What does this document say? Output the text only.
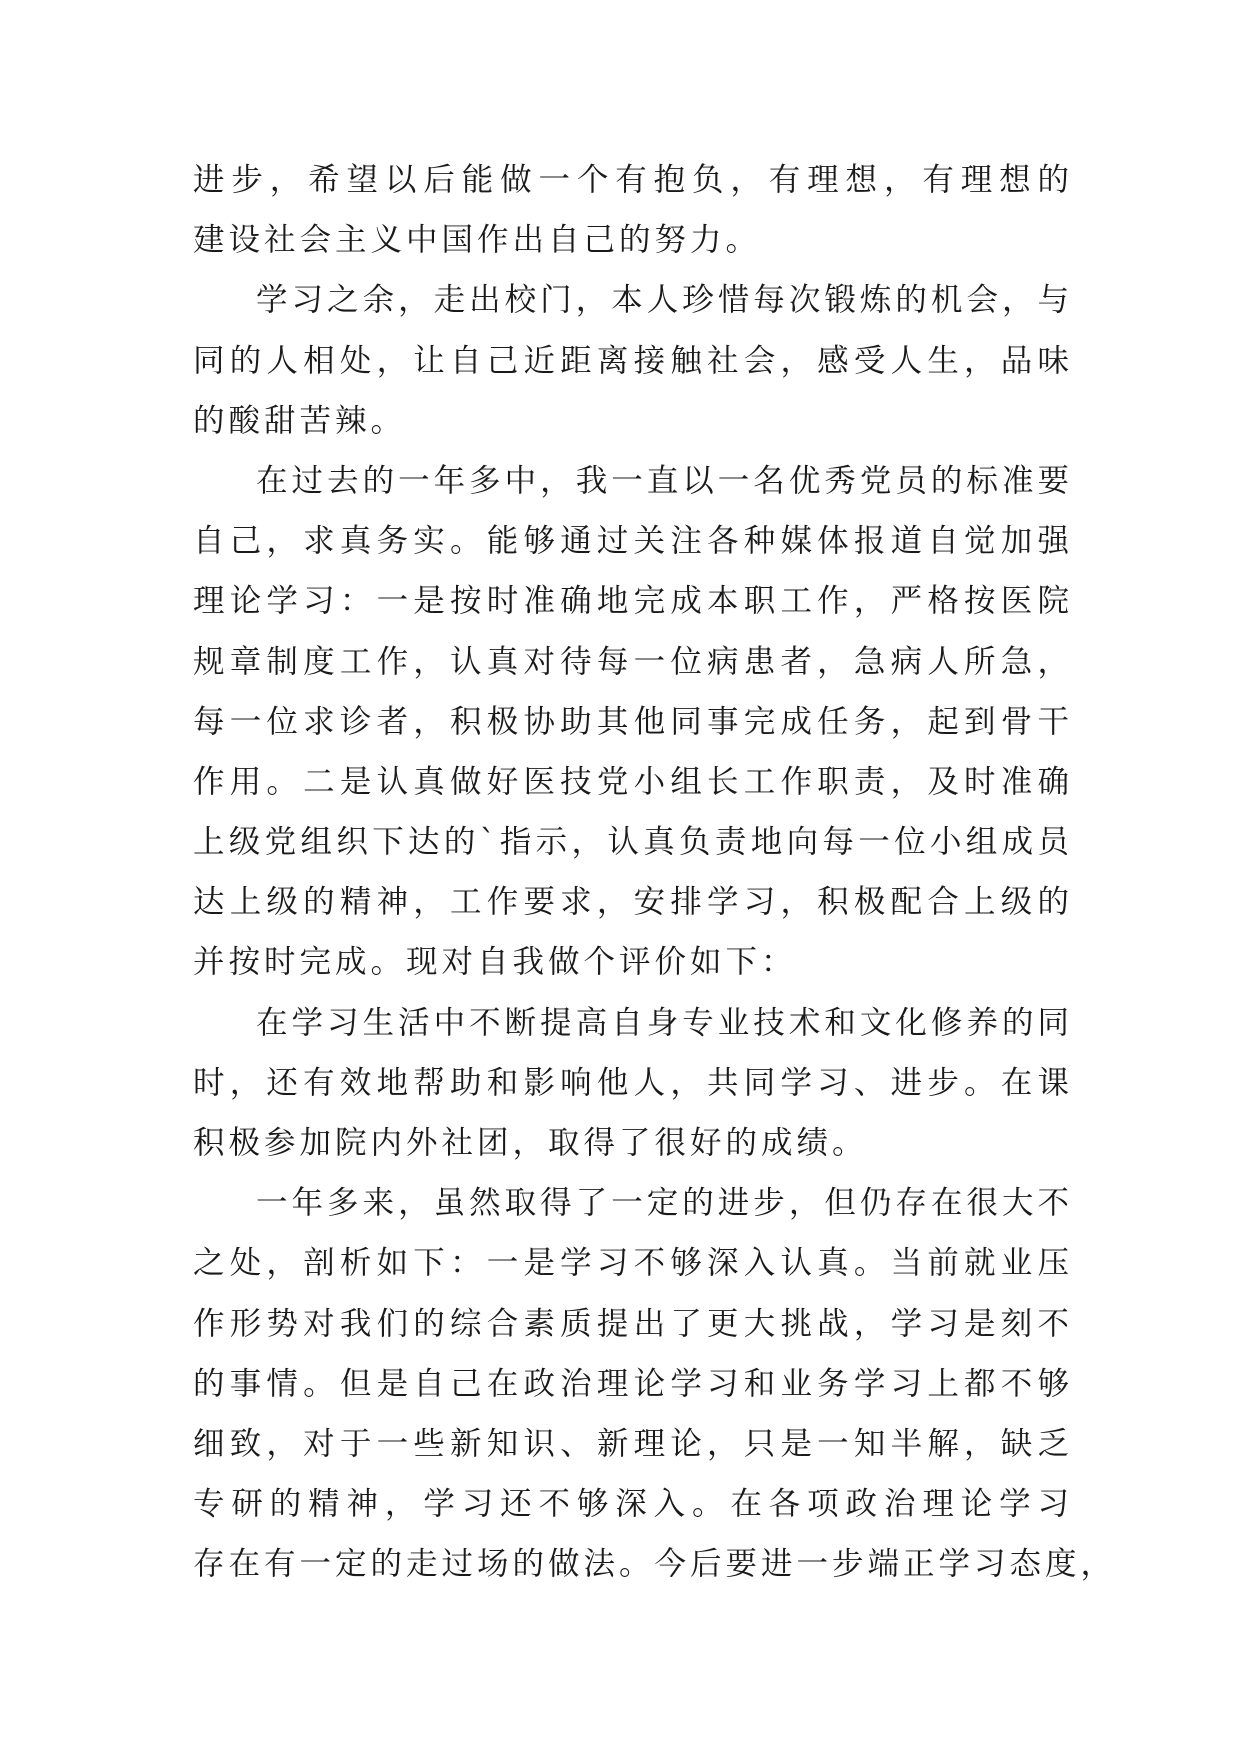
进步，希望以后能做一个有抱负，有理想，有理想的
建设社会主义中国作出自己的努力。
学习之余，走出校门，本人珍惜每次锻炼的机会，与
同的人相处，让自己近距离接触社会，感受人生，品味
的酸甜苦辣。
在过去的一年多中，我一直以一名优秀党员的标准要
自己，求真务实。能够通过关注各种媒体报道自觉加强
理论学习：一是按时准确地完成本职工作，严格按医院
规章制度工作，认真对待每一位病患者，急病人所急，
每一位求诊者，积极协助其他同事完成任务，起到骨干
作用。二是认真做好医技党小组长工作职责，及时准确
上级党组织下达的`指示，认真负责地向每一位小组成员
达上级的精神，工作要求，安排学习，积极配合上级的
并按时完成。现对自我做个评价如下：
在学习生活中不断提高自身专业技术和文化修养的同
时，还有效地帮助和影响他人，共同学习、进步。在课
积极参加院内外社团，取得了很好的成绩。
一年多来，虽然取得了一定的进步，但仍存在很大不
之处，剖析如下：一是学习不够深入认真。当前就业压
作形势对我们的综合素质提出了更大挑战，学习是刻不
的事情。但是自己在政治理论学习和业务学习上都不够
细致，对于一些新知识、新理论，只是一知半解，缺乏
专研的精神，学习还不够深入。在各项政治理论学习
存在有一定的走过场的做法。今后要进一步端正学习态度，
